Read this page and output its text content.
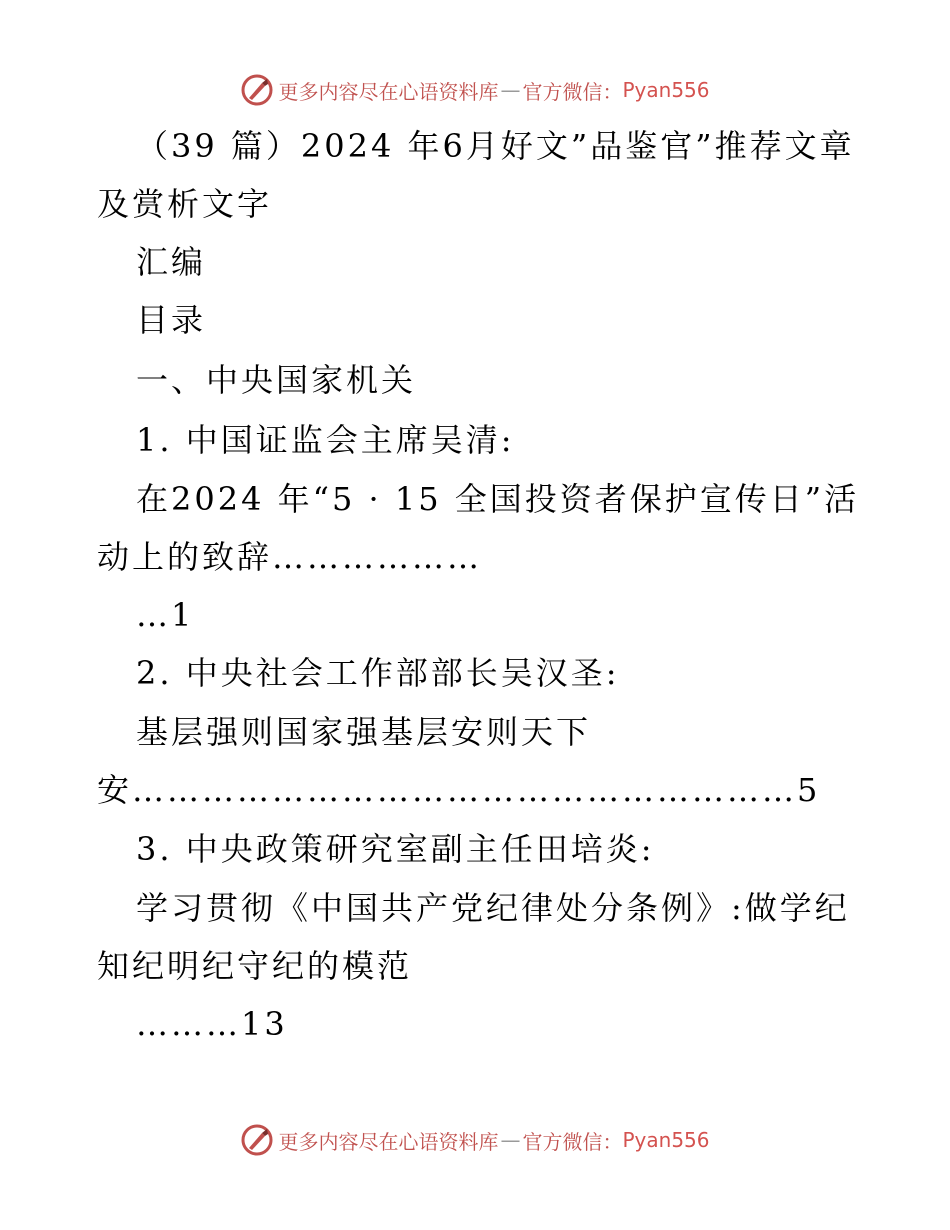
更多内容尽在心语资料库 — 官方微信： Pyan556
（39 篇）2024 年6月好文”品鉴官”推荐文章
及赏析文字
汇编
目录
一、中央国家机关
1. 中国证监会主席吴清:
在2024 年“5 · 15 全国投资者保护宣传日”活
动上的致辞………………
…1
2. 中央社会工作部部长吴汉圣:
基层强则国家强基层安则天下
安…………………………………………………5
3. 中央政策研究室副主任田培炎:
学习贯彻《中国共产党纪律处分条例》:做学纪
知纪明纪守纪的模范
………13
更多内容尽在心语资料库 — 官方微信： Pyan556
